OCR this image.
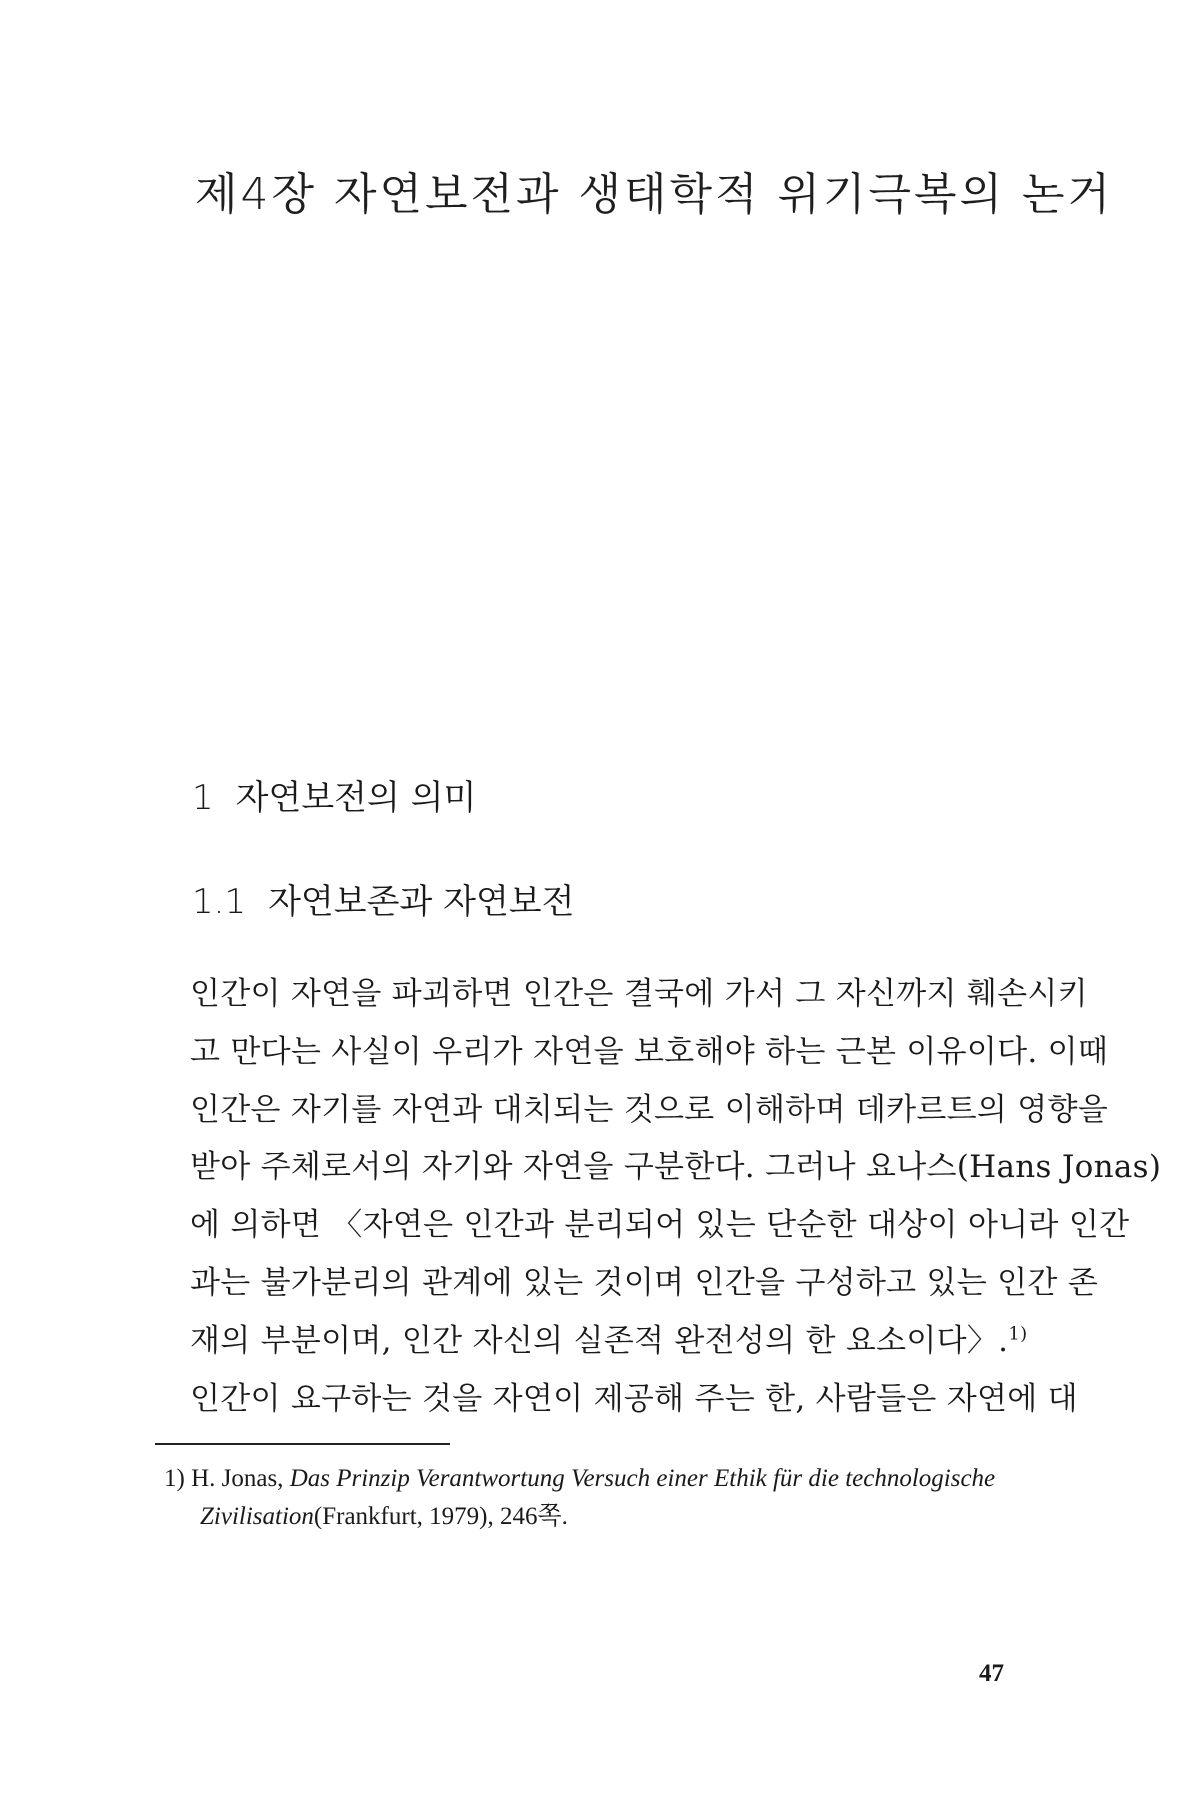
제4장 자연보전과 생태학적 위기극복의 논거
1 자연보전의 의미
1.1 자연보존과 자연보전

인간이 자연을 파괴하면 인간은 결국에 가서 그 자신까지 훼손시키
고 만다는 사실이 우리가 자연을 보호해야 하는 근본 이유이다. 이때
인간은 자기를 자연과 대치되는 것으로 이해하며 데카르트의 영향을
받아 주체로서의 자기와 자연을 구분한다. 그러나 요나스(Hans Jonas)
에 의하면 〈자연은 인간과 분리되어 있는 단순한 대상이 아니라 인간
과는 불가분리의 관계에 있는 것이며 인간을 구성하고 있는 인간 존
재의 부분이며, 인간 자신의 실존적 완전성의 한 요소이다〉.$^{1)}$
인간이 요구하는 것을 자연이 제공해 주는 한, 사람들은 자연에 대

1) H. Jonas, Das Prinzip Verantwortung Versuch einer Ethik für die technologische
Zivilisation(Frankfurt, 1979), 246쪽.

47
